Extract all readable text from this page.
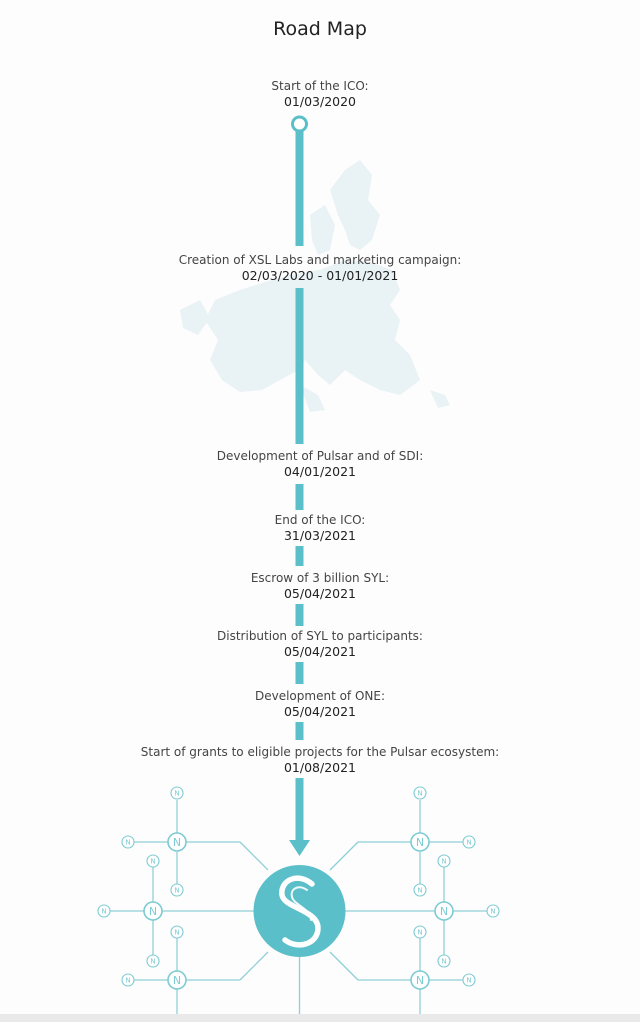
N
N
N
N
N
N
N
N
N
N
N
N
N
N
N
N
N
N
N
N
N
N
Road Map
Start of the ICO:
01/03/2020
Creation of XSL Labs and marketing campaign:
02/03/2020 - 01/01/2021
Development of Pulsar and of SDI:
04/01/2021
End of the ICO:
31/03/2021
Escrow of 3 billion SYL:
05/04/2021
Distribution of SYL to participants:
05/04/2021
Development of ONE:
05/04/2021
Start of grants to eligible projects for the Pulsar ecosystem:
01/08/2021
